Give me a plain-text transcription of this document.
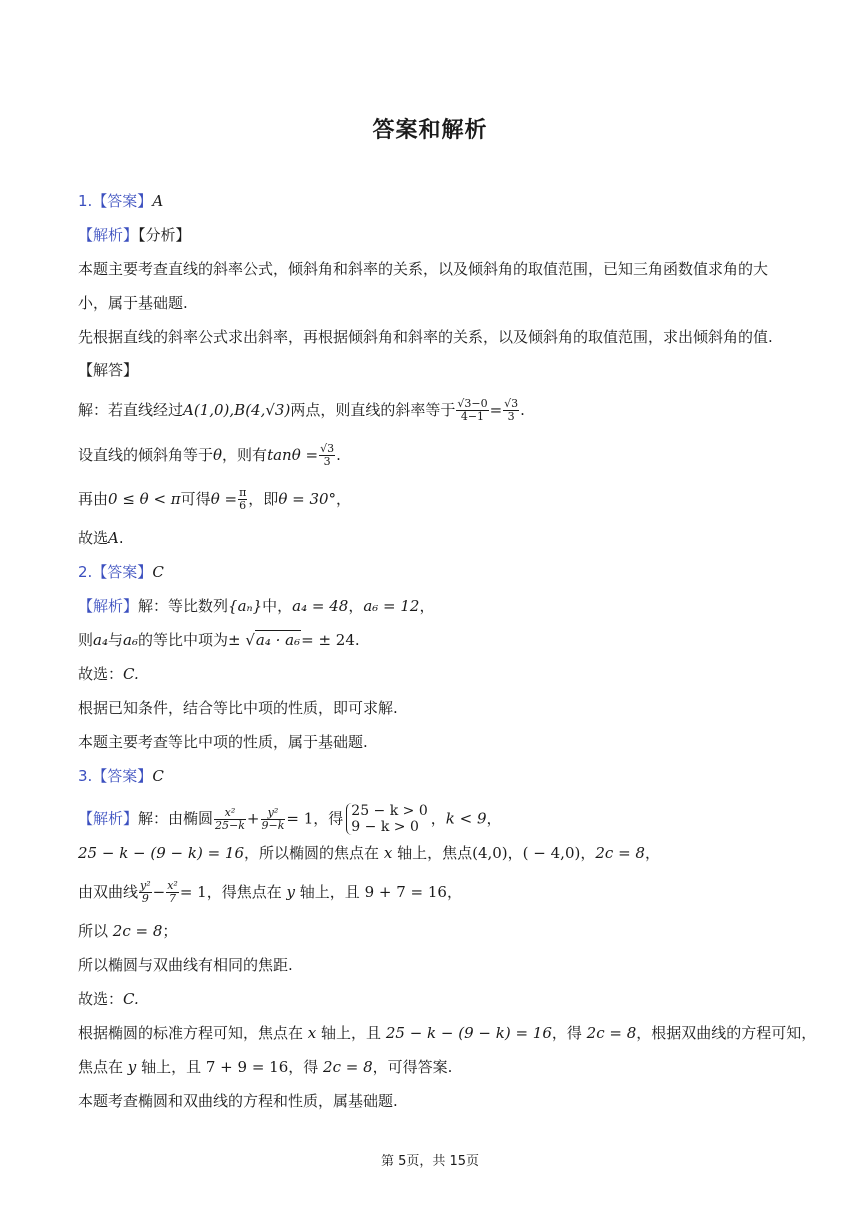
答案和解析
1.【答案】A
【解析】【分析】
本题主要考查直线的斜率公式，倾斜角和斜率的关系，以及倾斜角的取值范围，已知三角函数值求角的大
小，属于基础题.
先根据直线的斜率公式求出斜率，再根据倾斜角和斜率的关系，以及倾斜角的取值范围，求出倾斜角的值.
【解答】
解：若直线经过A(1,0),B(4,√3)两点，则直线的斜率等于 $\frac{√3-0}{4-1} = \frac{√3}{3}$ .
设直线的倾斜角等于θ，则有$\tan\theta = \frac{√3}{3}$ .
再由0 ≤ θ < π可得$\theta = \frac{\pi}{6}$ ，即θ = 30°，
故选A.
2.【答案】C
【解析】解：等比数列{aₙ}中，a₄ = 48，a₆ = 12，
则a₄与a₆的等比中项为± √a₄ · a₆= ± 24.
故选：C.
根据已知条件，结合等比中项的性质，即可求解.
本题主要考查等比中项的性质，属于基础题.
3.【答案】C
【解析】解：由椭圆 $\frac{\text{x²}}{25-k} + \frac{\text{y²}}{9-k} = 1$，得 25 − k > 0
9 − k > 0 ，k < 9，
25 − k − (9 − k) = 16，所以椭圆的焦点在 x 轴上，焦点(4,0)，( − 4,0)，2c = 8，
由双曲线 $\frac{\text{y²}}{9} - \frac{\text{x²}}{7} = 1$，得焦点在 y 轴上，且 9 + 7 = 16，
所以 2c = 8；
所以椭圆与双曲线有相同的焦距.
故选：C.
根据椭圆的标准方程可知，焦点在 x 轴上，且 25 − k − (9 − k) = 16，得 2c = 8，根据双曲线的方程可知，
焦点在 y 轴上，且 7 + 9 = 16，得 2c = 8，可得答案.
本题考查椭圆和双曲线的方程和性质，属基础题.
第 5页，共 15页
